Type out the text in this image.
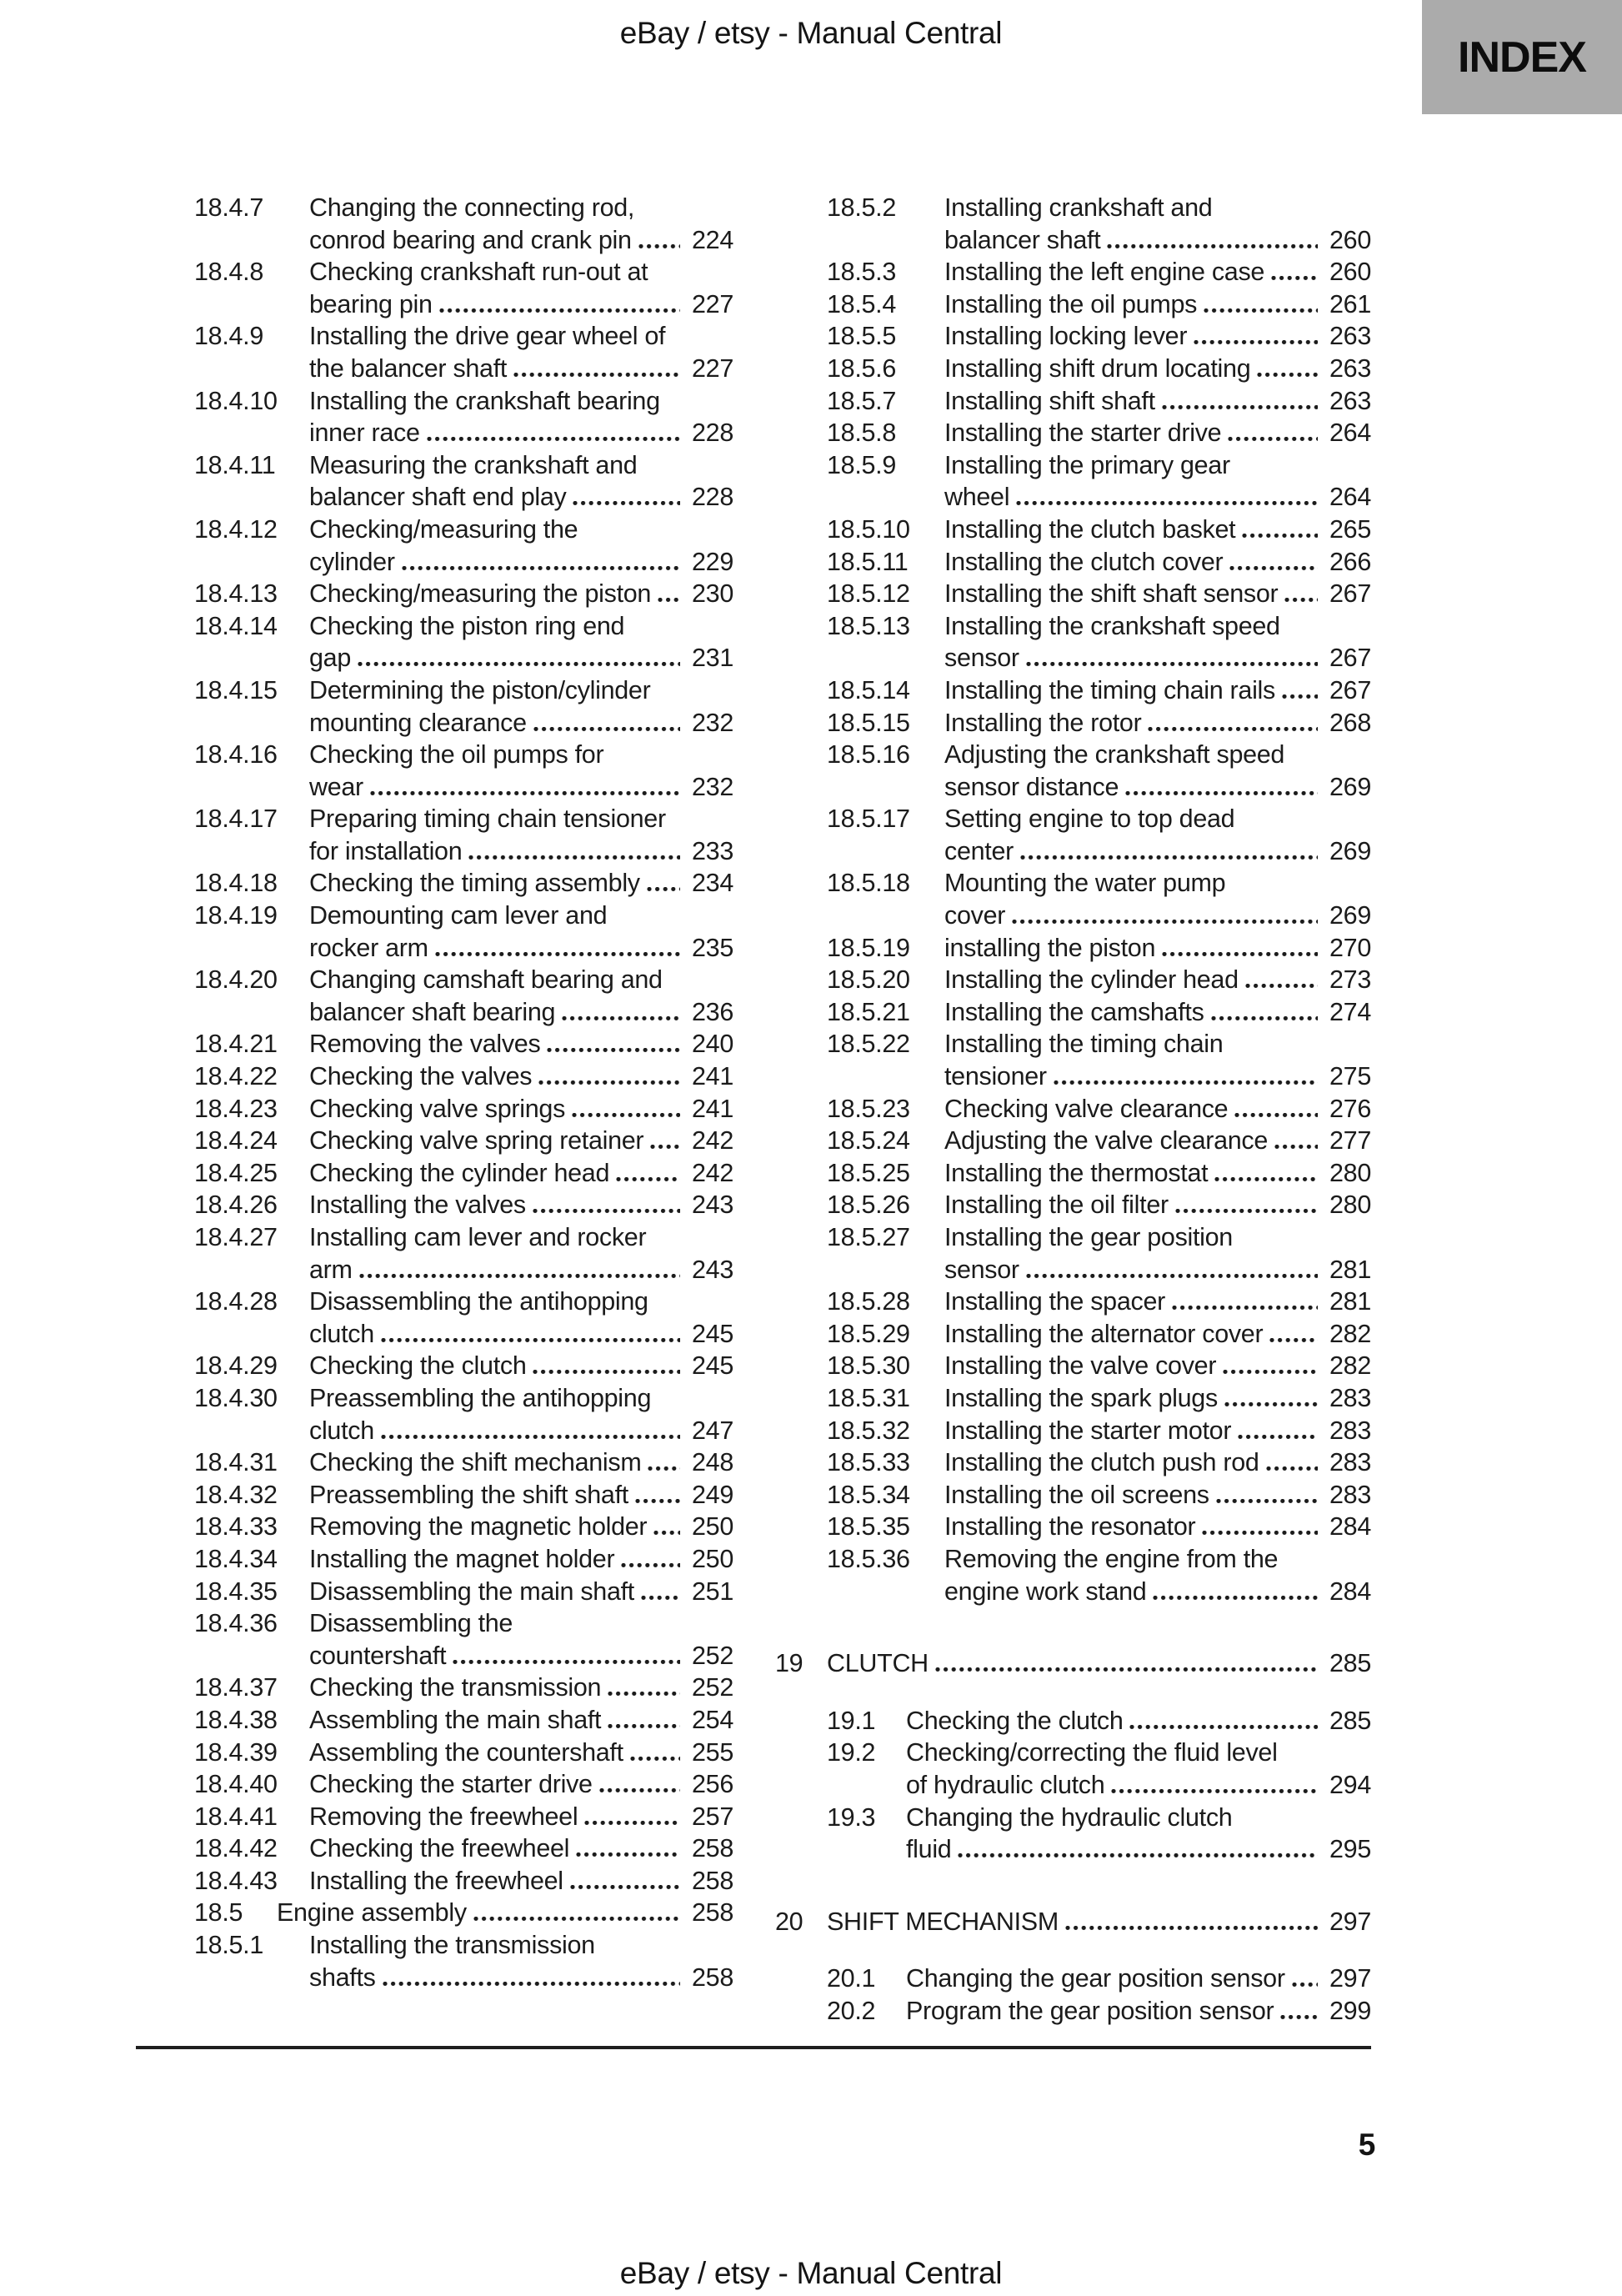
eBay / etsy - Manual Central	INDEX
18.4.7	Changing the connecting rod,
conrod bearing and crank pin 224
18.4.8	Checking crankshaft run-out at
bearing pin	227
18.4.9	Installing the drive gear wheel of
the balancer shaft	227
18.4.10	Installing the crankshaft bearing
inner race	228
18.4.11	Measuring the crankshaft and
balancer shaft end play	228
18.4.12	Checking/measuring the
cylinder	229
18.4.13	Checking/measuring the piston 230
18.4.14	Checking the piston ring end
gap	231
18.4.15	Determining the piston/cylinder
mounting clearance	232
18.4.16	Checking the oil pumps for
wear	232
18.4.17	Preparing timing chain tensioner
for installation	233
18.4.18	Checking the timing assembly 234
18.4.19	Demounting cam lever and
rocker arm	235
18.4.20	Changing camshaft bearing and
balancer shaft bearing	236
18.4.21	Removing the valves	240
18.4.22	Checking the valves	241
18.4.23	Checking valve springs	241
18.4.24	Checking valve spring retainer 242
18.4.25	Checking the cylinder head	242
18.4.26	Installing the valves	243
18.4.27	Installing cam lever and rocker
arm	243
18.4.28	Disassembling the antihopping
clutch	245
18.4.29	Checking the clutch	245
18.4.30	Preassembling the antihopping
clutch	247
18.4.31	Checking the shift mechanism 248
18.4.32	Preassembling the shift shaft 249
18.4.33	Removing the magnetic holder 250
18.4.34	Installing the magnet holder	250
18.4.35	Disassembling the main shaft 251
18.4.36	Disassembling the
countershaft	252
18.4.37	Checking the transmission	252
18.4.38	Assembling the main shaft	254
18.4.39	Assembling the countershaft	255
18.4.40	Checking the starter drive	256
18.4.41	Removing the freewheel	257
18.4.42	Checking the freewheel	258
18.4.43	Installing the freewheel	258
18.5	Engine assembly	258
18.5.1	Installing the transmission
shafts	258
18.5.2	Installing crankshaft and
balancer shaft	260
18.5.3	Installing the left engine case	260
18.5.4	Installing the oil pumps	261
18.5.5	Installing locking lever	263
18.5.6	Installing shift drum locating	263
18.5.7	Installing shift shaft	263
18.5.8	Installing the starter drive	264
18.5.9	Installing the primary gear
wheel	264
18.5.10	Installing the clutch basket	265
18.5.11	Installing the clutch cover	266
18.5.12	Installing the shift shaft sensor 267
18.5.13	Installing the crankshaft speed
sensor	267
18.5.14	Installing the timing chain rails 267
18.5.15	Installing the rotor	268
18.5.16	Adjusting the crankshaft speed
sensor distance	269
18.5.17	Setting engine to top dead
center	269
18.5.18	Mounting the water pump
cover	269
18.5.19	installing the piston	270
18.5.20	Installing the cylinder head	273
18.5.21	Installing the camshafts	274
18.5.22	Installing the timing chain
tensioner	275
18.5.23	Checking valve clearance	276
18.5.24	Adjusting the valve clearance 277
18.5.25	Installing the thermostat	280
18.5.26	Installing the oil filter	280
18.5.27	Installing the gear position
sensor	281
18.5.28	Installing the spacer	281
18.5.29	Installing the alternator cover	282
18.5.30	Installing the valve cover	282
18.5.31	Installing the spark plugs	283
18.5.32	Installing the starter motor	283
18.5.33	Installing the clutch push rod	283
18.5.34	Installing the oil screens	283
18.5.35	Installing the resonator	284
18.5.36	Removing the engine from the
engine work stand	284
19 CLUTCH	285
19.1	Checking the clutch	285
19.2	Checking/correcting the fluid level
of hydraulic clutch	294
19.3	Changing the hydraulic clutch
fluid	295
20 SHIFT MECHANISM	297
20.1	Changing the gear position sensor 297
20.2	Program the gear position sensor 299
5
eBay / etsy - Manual Central
